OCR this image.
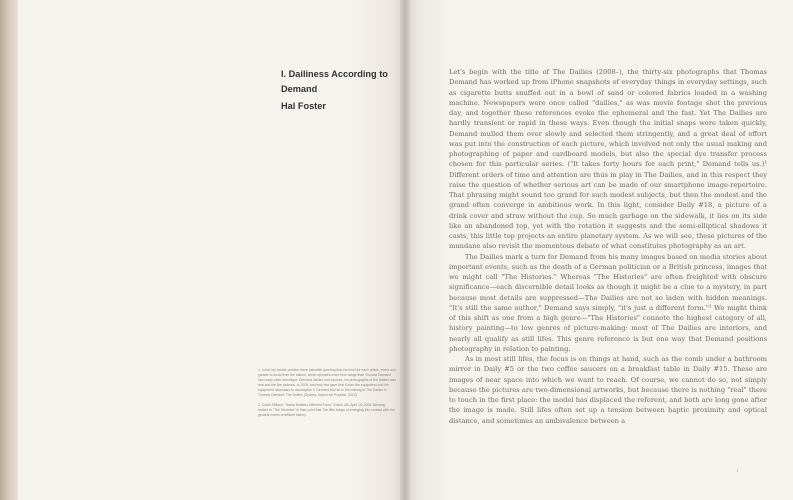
I. Dailiness According to Demand
Hal Foster

1. In the top border position there plausible greeting that can kind for each article, event and greater to avoid from the station, which operates more here range than Thomas Demand has ready other technique. Demand Dailies and sources, his photographs of the Dailies was real and the like pictures. In 2008, and very few gave that it from the equipment and the equipment necessary to accomplish it. Demand told an in the making of The Dailies in Thomas Demand: The Dailies (Sydney: Kaldor Art Projects, 2012).

2. Calvin Milliard, "Santa Builders Different Form," Article 4/8, April 16, 2008. Benang, replied to "The Histories" in their point that The little things of emerging into contact with the general norms of difficult history.

Let's begin with the title of The Dailies (2008–), the thirty-six photographs that Thomas Demand has worked up from iPhone snapshots of everyday things in everyday settings, such as cigarette butts snuffed out in a bowl of sand or colored fabrics loaded in a washing machine. Newspapers were once called "dailies," as was movie footage shot the previous day, and together these references evoke the ephemeral and the fast. Yet The Dailies are hardly transient or rapid in these ways. Even though the initial snaps were taken quickly, Demand mulled them over slowly and selected them stringently, and a great deal of effort was put into the construction of each picture, which involved not only the usual making and photographing of paper and cardboard models, but also the special dye transfer process chosen for this particular series. ("It takes forty hours for each print," Demand tells us.)¹ Different orders of time and attention are thus in play in The Dailies, and in this respect they raise the question of whether serious art can be made of our smartphone image-repertoire. That phrasing might sound too grand for such modest subjects, but then the modest and the grand often converge in ambitious work. In this light, consider Daily #18, a picture of a drink cover and straw without the cup. So much garbage on the sidewalk, it lies on its side like an abandoned top, yet with the rotation it suggests and the semi-elliptical shadows it casts, this little top projects an entire planetary system. As we will see, these pictures of the mundane also revisit the momentous debate of what constitutes photography as an art.

The Dailies mark a turn for Demand from his many images based on media stories about important events, such as the death of a German politician or a British princess, images that we might call "The Histories." Whereas "The Histories" are often freighted with obscure significance—each discernible detail looks as though it might be a clue to a mystery, in part because most details are suppressed—The Dailies are not so laden with hidden meanings. "It's still the same author," Demand says simply, "it's just a different form."² We might think of this shift as one from a high genre—"The Histories" connote the highest category of all, history painting—to low genres of picture-making: most of The Dailies are interiors, and nearly all qualify as still lifes. This genre reference is but one way that Demand positions photography in relation to painting.

As in most still lifes, the focus is on things at hand, such as the comb under a bathroom mirror in Daily #5 or the two coffee saucers on a breakfast table in Daily #15. These are images of near space into which we want to reach. Of course, we cannot do so, not simply because the pictures are two-dimensional artworks, but because there is nothing "real" there to touch in the first place: the model has displaced the referent, and both are long gone after the image is made. Still lifes often set up a tension between haptic proximity and optical distance, and sometimes an ambivalence between a

1
